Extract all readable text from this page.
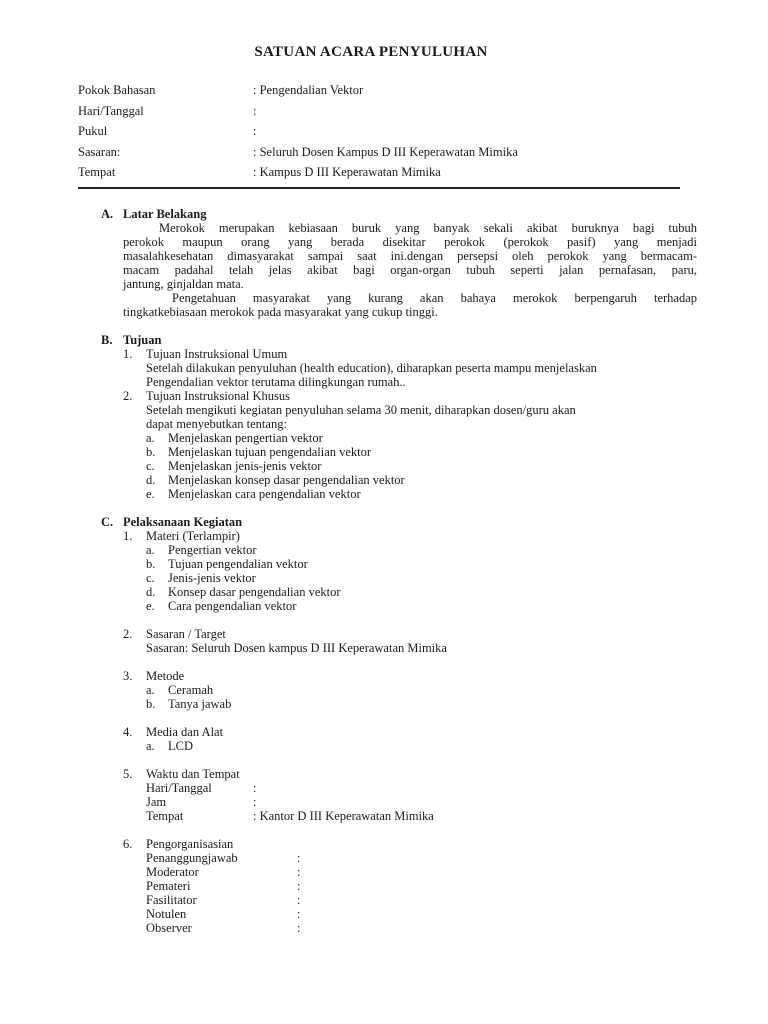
SATUAN ACARA PENYULUHAN
Pokok Bahasan	: Pengendalian Vektor
Hari/Tanggal	:
Pukul	:
Sasaran:	: Seluruh Dosen Kampus D III Keperawatan Mimika
Tempat	: Kampus D III Keperawatan Mimika
A. Latar Belakang
Merokok merupakan kebiasaan buruk yang banyak sekali akibat buruknya bagi tubuh
perokok maupun orang yang berada disekitar perokok (perokok pasif) yang menjadi
masalahkesehatan dimasyarakat sampai saat ini.dengan persepsi oleh perokok yang bermacam-
macam padahal telah jelas akibat bagi organ-organ tubuh seperti jalan pernafasan, paru,
jantung, ginjaldan mata.
Pengetahuan masyarakat yang kurang akan bahaya merokok berpengaruh terhadap
tingkatkebiasaan merokok pada masyarakat yang cukup tinggi.
B. Tujuan
1. Tujuan Instruksional Umum
Setelah dilakukan penyuluhan (health education), diharapkan peserta mampu menjelaskan
Pengendalian vektor terutama dilingkungan rumah..
2. Tujuan Instruksional Khusus
Setelah mengikuti kegiatan penyuluhan selama 30 menit, diharapkan dosen/guru akan
dapat menyebutkan tentang:
a. Menjelaskan pengertian vektor
b. Menjelaskan tujuan pengendalian vektor
c. Menjelaskan jenis-jenis vektor
d. Menjelaskan konsep dasar pengendalian vektor
e. Menjelaskan cara pengendalian vektor
C. Pelaksanaan Kegiatan
1. Materi (Terlampir)
a. Pengertian vektor
b. Tujuan pengendalian vektor
c. Jenis-jenis vektor
d. Konsep dasar pengendalian vektor
e. Cara pengendalian vektor
2. Sasaran / Target
Sasaran: Seluruh Dosen kampus D III Keperawatan Mimika
3. Metode
a. Ceramah
b. Tanya jawab
4. Media dan Alat
a. LCD
5. Waktu dan Tempat
Hari/Tanggal	:
Jam	:
Tempat	: Kantor D III Keperawatan Mimika
6. Pengorganisasian
Penanggungjawab	:
Moderator	:
Pemateri	:
Fasilitator	:
Notulen	:
Observer	:
